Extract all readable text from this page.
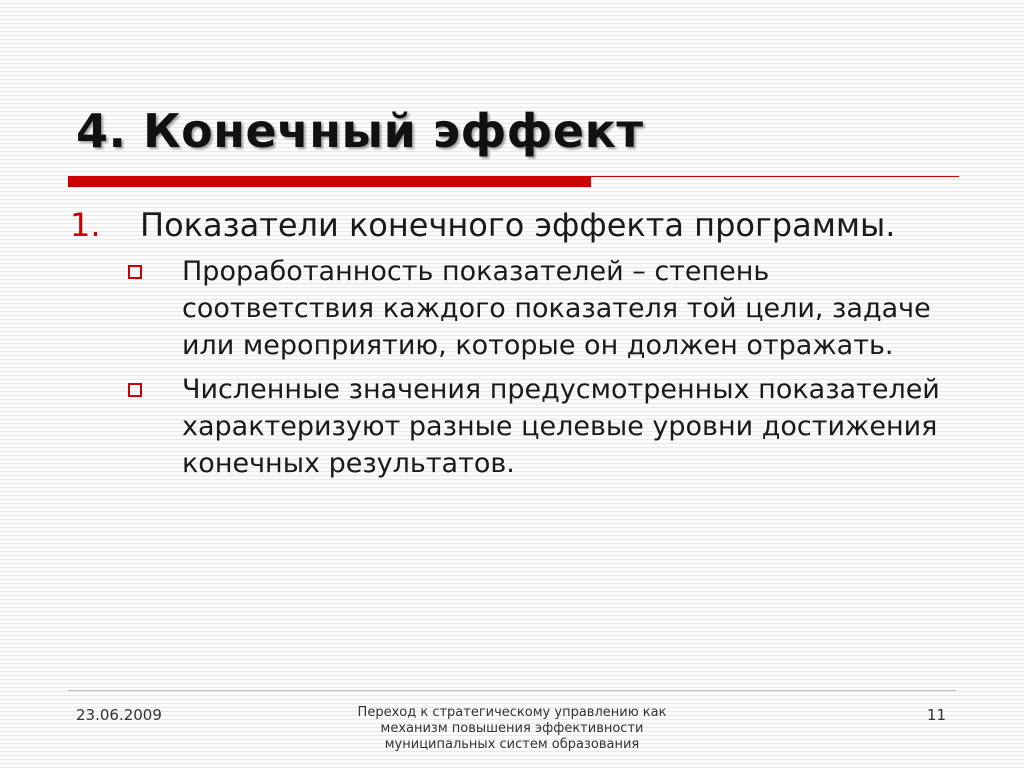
4. Конечный эффект
1.	Показатели конечного эффекта программы.
Проработанность показателей – степень соответствия каждого показателя той цели, задаче или мероприятию, которые он должен отражать.
Численные значения предусмотренных показателей характеризуют разные целевые уровни достижения конечных результатов.
23.06.2009	Переход к стратегическому управлению как механизм повышения эффективности муниципальных систем образования
11
